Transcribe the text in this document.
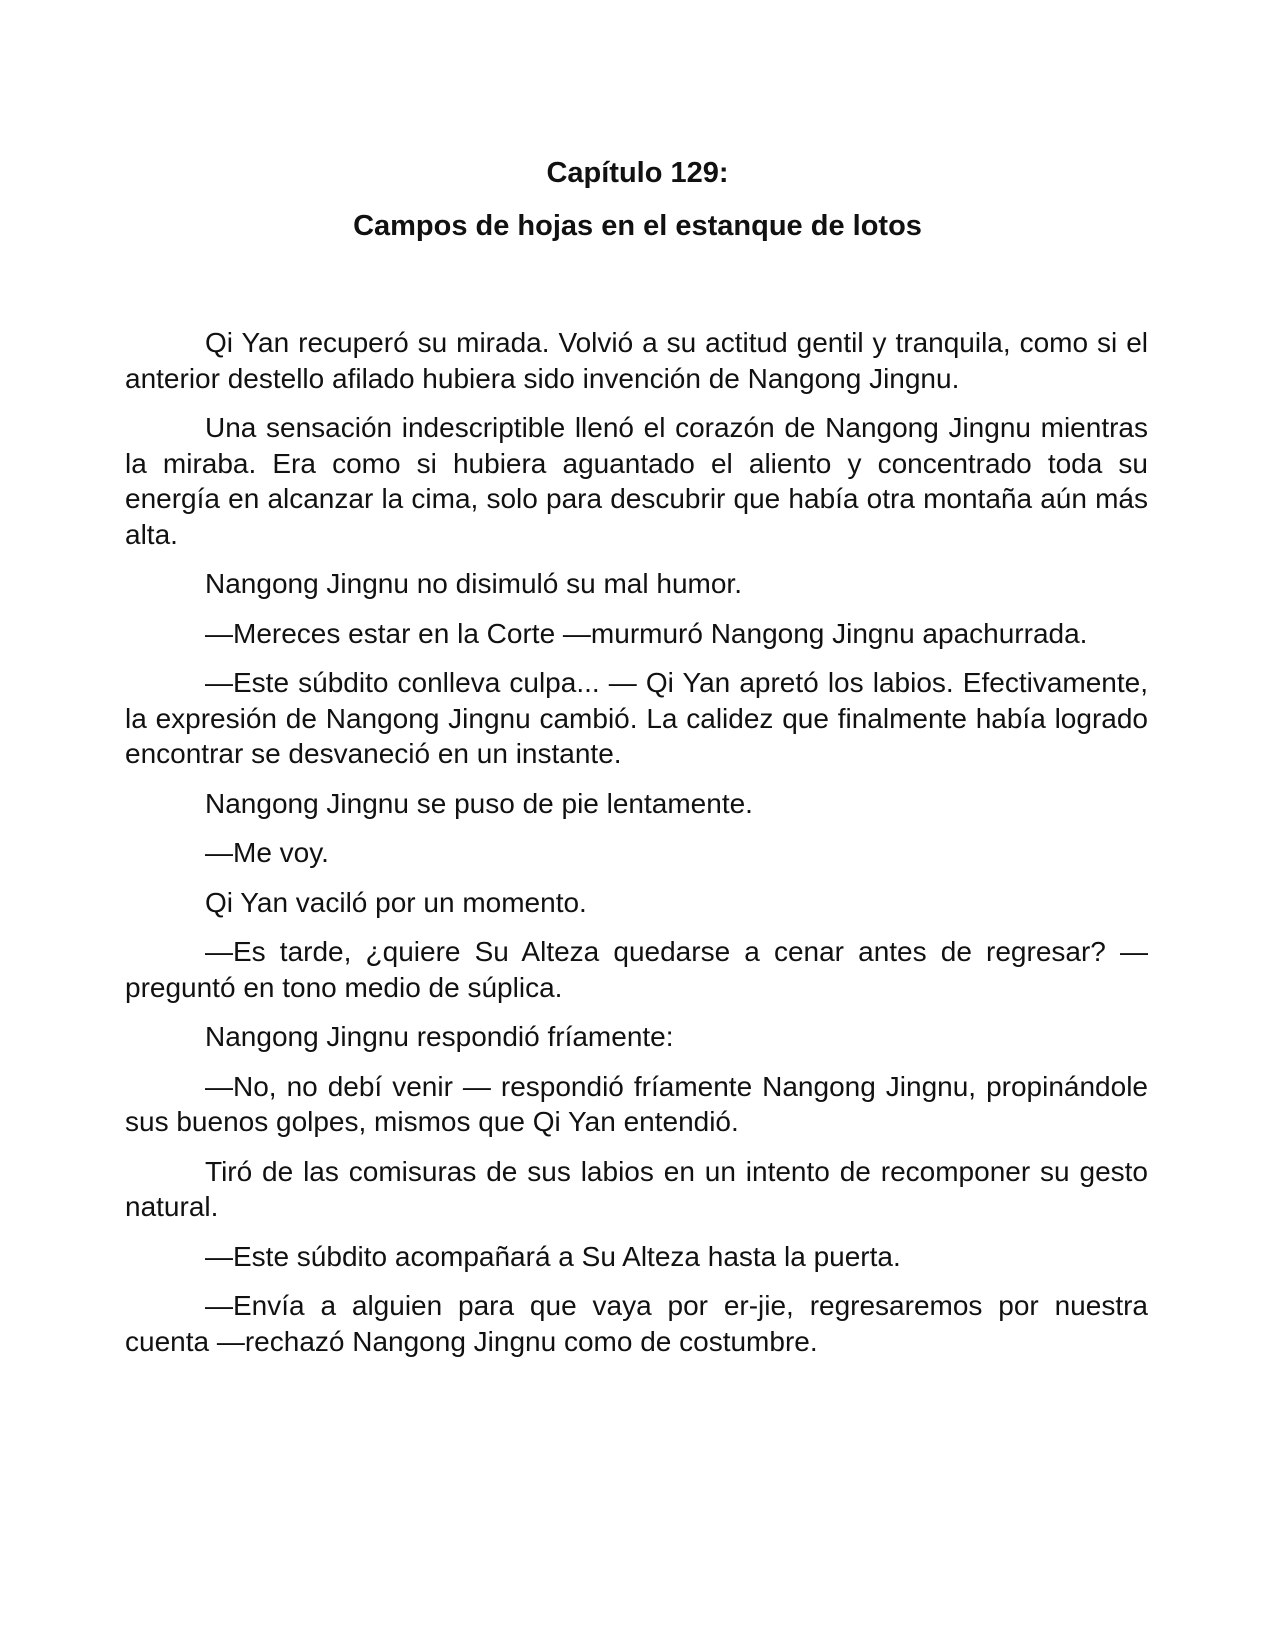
Capítulo 129:

Campos de hojas en el estanque de lotos

Qi Yan recuperó su mirada. Volvió a su actitud gentil y tranquila, como si el anterior destello afilado hubiera sido invención de Nangong Jingnu.

Una sensación indescriptible llenó el corazón de Nangong Jingnu mientras la miraba. Era como si hubiera aguantado el aliento y concentrado toda su energía en alcanzar la cima, solo para descubrir que había otra montaña aún más alta.

Nangong Jingnu no disimuló su mal humor.

—Mereces estar en la Corte —murmuró Nangong Jingnu apachurrada.

—Este súbdito conlleva culpa... — Qi Yan apretó los labios. Efectivamente, la expresión de Nangong Jingnu cambió. La calidez que finalmente había logrado encontrar se desvaneció en un instante.

Nangong Jingnu se puso de pie lentamente.

—Me voy.

Qi Yan vaciló por un momento.

—Es tarde, ¿quiere Su Alteza quedarse a cenar antes de regresar? —preguntó en tono medio de súplica.

Nangong Jingnu respondió fríamente:

—No, no debí venir — respondió fríamente Nangong Jingnu, propinándole sus buenos golpes, mismos que Qi Yan entendió.

Tiró de las comisuras de sus labios en un intento de recomponer su gesto natural.

—Este súbdito acompañará a Su Alteza hasta la puerta.

—Envía a alguien para que vaya por er-jie, regresaremos por nuestra cuenta —rechazó Nangong Jingnu como de costumbre.
